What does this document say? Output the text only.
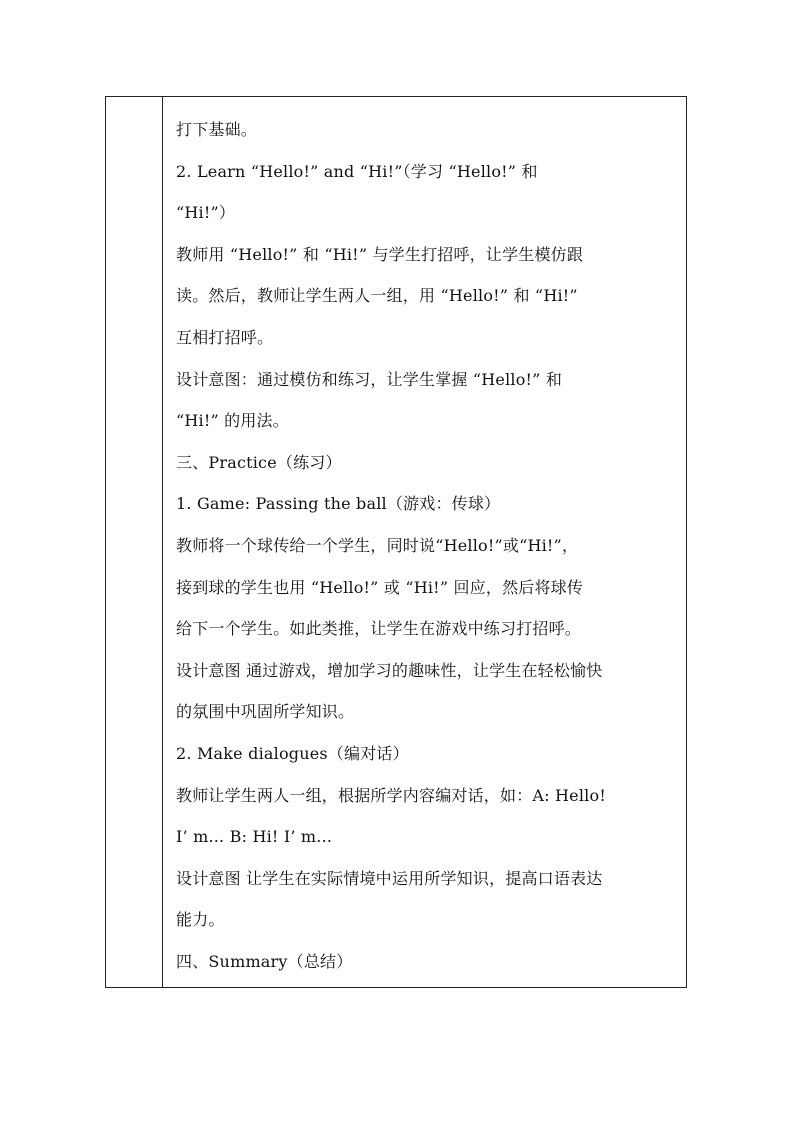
打下基础。
2. Learn “Hello!” and “Hi!”（学习 “Hello!” 和
“Hi!”）
教师用 “Hello!” 和 “Hi!” 与学生打招呼，让学生模仿跟
读。然后，教师让学生两人一组，用 “Hello!” 和 “Hi!”
互相打招呼。
设计意图：通过模仿和练习，让学生掌握 “Hello!” 和
“Hi!” 的用法。
三、Practice（练习）
1. Game: Passing the ball（游戏：传球）
教师将一个球传给一个学生，同时说“Hello!”或“Hi!”，
接到球的学生也用 “Hello!” 或 “Hi!” 回应，然后将球传
给下一个学生。如此类推，让学生在游戏中练习打招呼。
设计意图 通过游戏，增加学习的趣味性，让学生在轻松愉快
的氛围中巩固所学知识。
2. Make dialogues（编对话）
教师让学生两人一组，根据所学内容编对话，如：A: Hello!
I’ m... B: Hi! I’ m...
设计意图 让学生在实际情境中运用所学知识，提高口语表达
能力。
四、Summary（总结）
